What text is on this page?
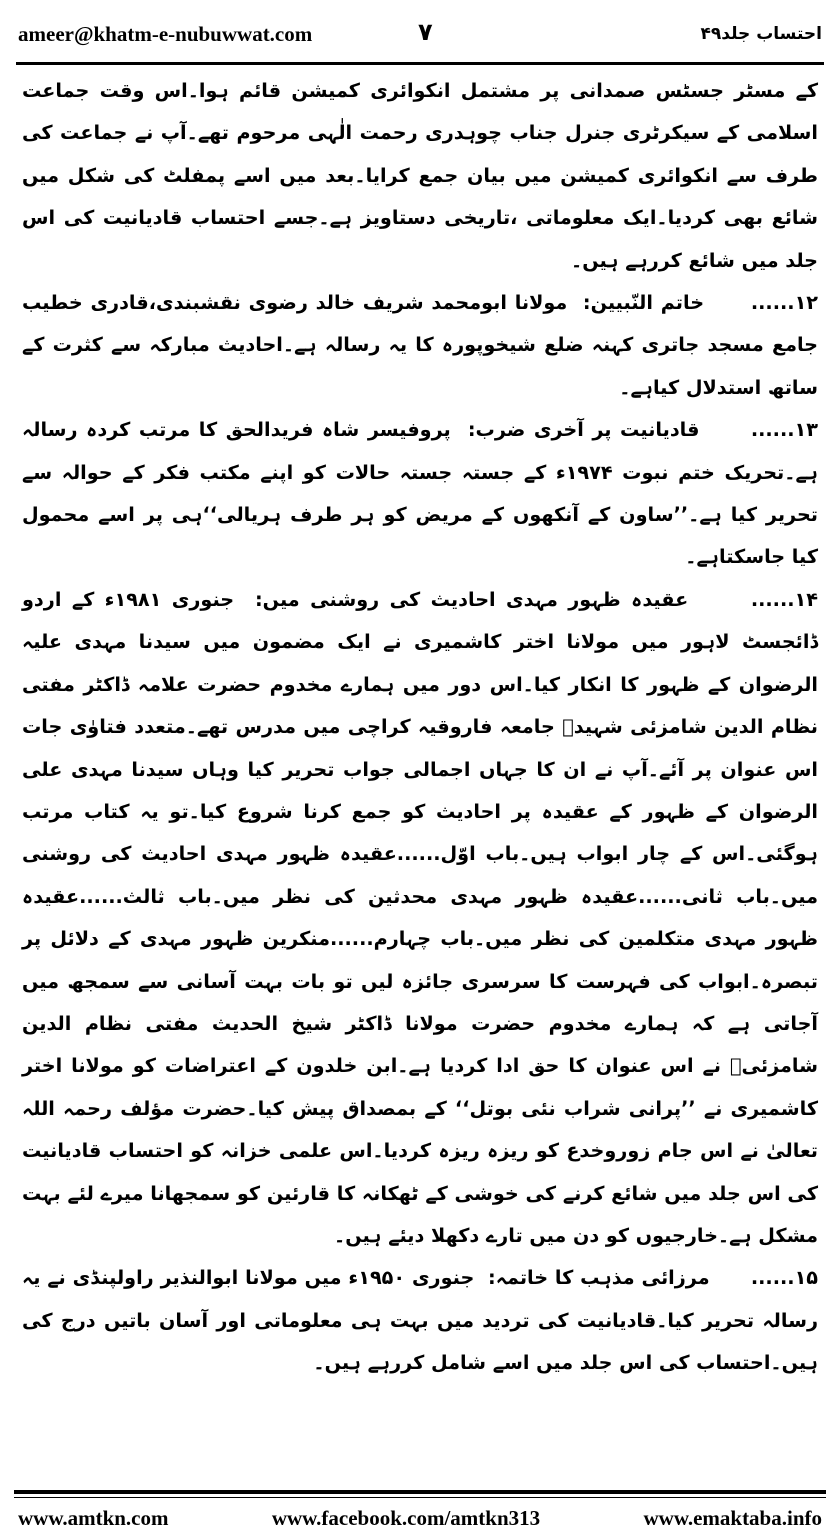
ameer@khatm-e-nubuwwat.com	۷	احتساب جلد۴۹

کے مسٹر جسٹس صمدانی پر مشتمل انکوائری کمیشن قائم ہوا۔اس وقت جماعت اسلامی کے سیکرٹری جنرل جناب چوہدری رحمت الٰہی مرحوم تھے۔آپ نے جماعت کی طرف سے انکوائری کمیشن میں بیان جمع کرایا۔بعد میں اسے پمفلٹ کی شکل میں شائع بھی کردیا۔ایک معلوماتی ،تاریخی دستاویز ہے۔جسے احتساب قادیانیت کی اس جلد میں شائع کررہے ہیں۔

۱۲......      خاتم النّبیین:  مولانا ابومحمد شریف خالد رضوی نقشبندی،قادری خطیب جامع مسجد جاتری کہنہ ضلع شیخوپورہ کا یہ رسالہ ہے۔احادیث مبارکہ سے کثرت کے ساتھ استدلال کیاہے۔

۱۳......      قادیانیت پر آخری ضرب:  پروفیسر شاہ فریدالحق کا مرتب کردہ رسالہ ہے۔تحریک ختم نبوت ۱۹۷۴ء کے جستہ جستہ حالات کو اپنے مکتب فکر کے حوالہ سے تحریر کیا ہے۔’’ساون کے آنکھوں کے مریض کو ہر طرف ہریالی‘‘ہی پر اسے محمول کیا جاسکتاہے۔

۱۴......      عقیدہ ظہور مہدی احادیث کی روشنی میں:  جنوری ۱۹۸۱ء کے اردو ڈائجسٹ لاہور میں مولانا اختر کاشمیری نے ایک مضمون میں سیدنا مہدی علیہ الرضوان کے ظہور کا انکار کیا۔اس دور میں ہمارے مخدوم حضرت علامہ ڈاکٹر مفتی نظام الدین شامزئی شہیدؒ جامعہ فاروقیہ کراچی میں مدرس تھے۔متعدد فتاوٰی جات اس عنوان پر آئے۔آپ نے ان کا جہاں اجمالی جواب تحریر کیا وہاں سیدنا مہدی علی الرضوان کے ظہور کے عقیدہ پر احادیث کو جمع کرنا شروع کیا۔تو یہ کتاب مرتب ہوگئی۔اس کے چار ابواب ہیں۔باب اوّل......عقیدہ ظہور مہدی احادیث کی روشنی میں۔باب ثانی......عقیدہ ظہور مہدی محدثین کی نظر میں۔باب ثالث......عقیدہ ظہور مہدی متکلمین کی نظر میں۔باب چہارم......منکرین ظہور مہدی کے دلائل پر تبصرہ۔ابواب کی فہرست کا سرسری جائزہ لیں تو بات بہت آسانی سے سمجھ میں آجاتی ہے کہ ہمارے مخدوم حضرت مولانا ڈاکٹر شیخ الحدیث مفتی نظام الدین شامزئیؒ نے اس عنوان کا حق ادا کردیا ہے۔ابن خلدون کے اعتراضات کو مولانا اختر کاشمیری نے ’’پرانی شراب نئی بوتل‘‘ کے بمصداق پیش کیا۔حضرت مؤلف رحمہ اللہ تعالیٰ نے اس جام زوروخدع کو ریزہ ریزہ کردیا۔اس علمی خزانہ کو احتساب قادیانیت کی اس جلد میں شائع کرنے کی خوشی کے ٹھکانہ کا قارئین کو سمجھانا میرے لئے بہت مشکل ہے۔خارجیوں کو دن میں تارے دکھلا دیئے ہیں۔

۱۵......      مرزائی مذہب کا خاتمہ:  جنوری ۱۹۵۰ء میں مولانا ابوالنذیر راولپنڈی نے یہ رسالہ تحریر کیا۔قادیانیت کی تردید میں بہت ہی معلوماتی اور آسان باتیں درج کی ہیں۔احتساب کی اس جلد میں اسے شامل کررہے ہیں۔

www.amtkn.com	www.facebook.com/amtkn313	www.emaktaba.info
